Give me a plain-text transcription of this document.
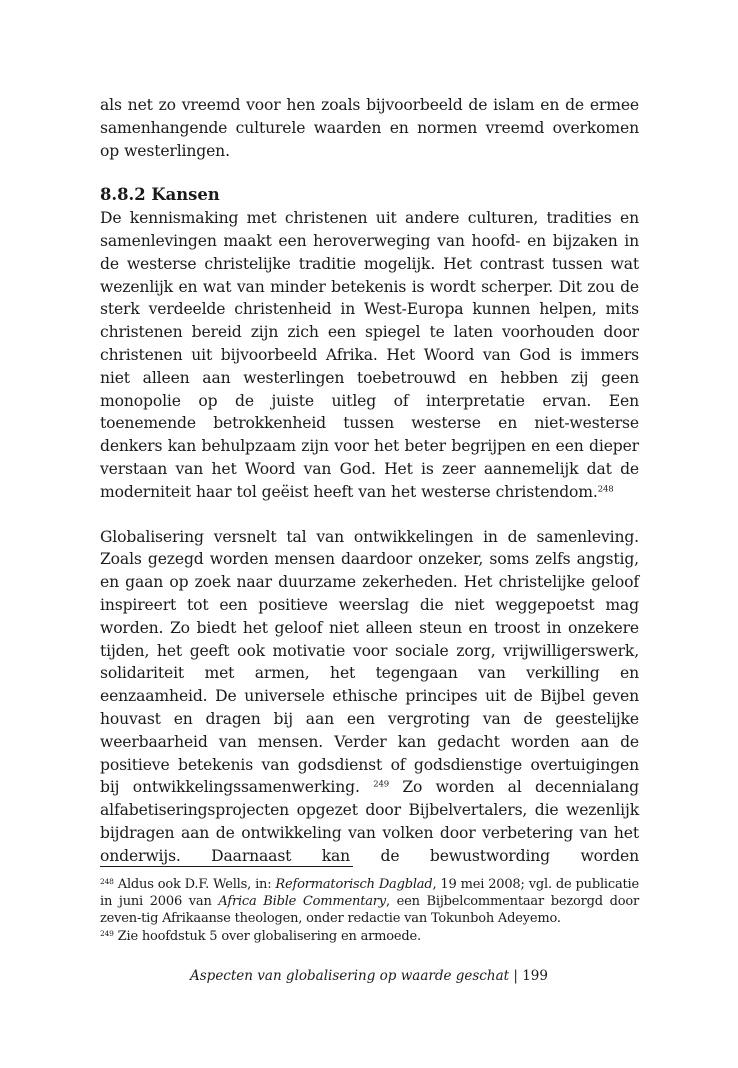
als net zo vreemd voor hen zoals bijvoorbeeld de islam en de ermee samenhangende culturele waarden en normen vreemd overkomen op westerlingen.

8.8.2 Kansen

De kennismaking met christenen uit andere culturen, tradities en samenlevingen maakt een heroverweging van hoofd- en bijzaken in de westerse christelijke traditie mogelijk. Het contrast tussen wat wezenlijk en wat van minder betekenis is wordt scherper. Dit zou de sterk verdeelde christenheid in West-Europa kunnen helpen, mits christenen bereid zijn zich een spiegel te laten voorhouden door christenen uit bijvoorbeeld Afrika. Het Woord van God is immers niet alleen aan westerlingen toebetrouwd en hebben zij geen monopolie op de juiste uitleg of interpretatie ervan. Een toenemende betrokkenheid tussen westerse en niet-westerse denkers kan behulpzaam zijn voor het beter begrijpen en een dieper verstaan van het Woord van God. Het is zeer aannemelijk dat de moderniteit haar tol geëist heeft van het westerse christendom.$^{248}$

Globalisering versnelt tal van ontwikkelingen in de samenleving. Zoals gezegd worden mensen daardoor onzeker, soms zelfs angstig, en gaan op zoek naar duurzame zekerheden. Het christelijke geloof inspireert tot een positieve weerslag die niet weggepoetst mag worden. Zo biedt het geloof niet alleen steun en troost in onzekere tijden, het geeft ook motivatie voor sociale zorg, vrijwilligerswerk, solidariteit met armen, het tegengaan van verkilling en eenzaamheid. De universele ethische principes uit de Bijbel geven houvast en dragen bij aan een vergroting van de geestelijke weerbaarheid van mensen. Verder kan gedacht worden aan de positieve betekenis van godsdienst of godsdienstige overtuigingen bij ontwikkelingssamenwerking. $^{249}$ Zo worden al decennialang alfabetiseringsprojecten opgezet door Bijbelvertalers, die wezenlijk bijdragen aan de ontwikkeling van volken door verbetering van het onderwijs. Daarnaast kan de bewustwording worden

$^{248}$ Aldus ook D.F. Wells, in: Reformatorisch Dagblad, 19 mei 2008; vgl. de publicatie in juni 2006 van Africa Bible Commentary, een Bijbelcommentaar bezorgd door zeven-tig Afrikaanse theologen, onder redactie van Tokunboh Adeyemo.

$^{249}$ Zie hoofdstuk 5 over globalisering en armoede.

Aspecten van globalisering op waarde geschat | 199
